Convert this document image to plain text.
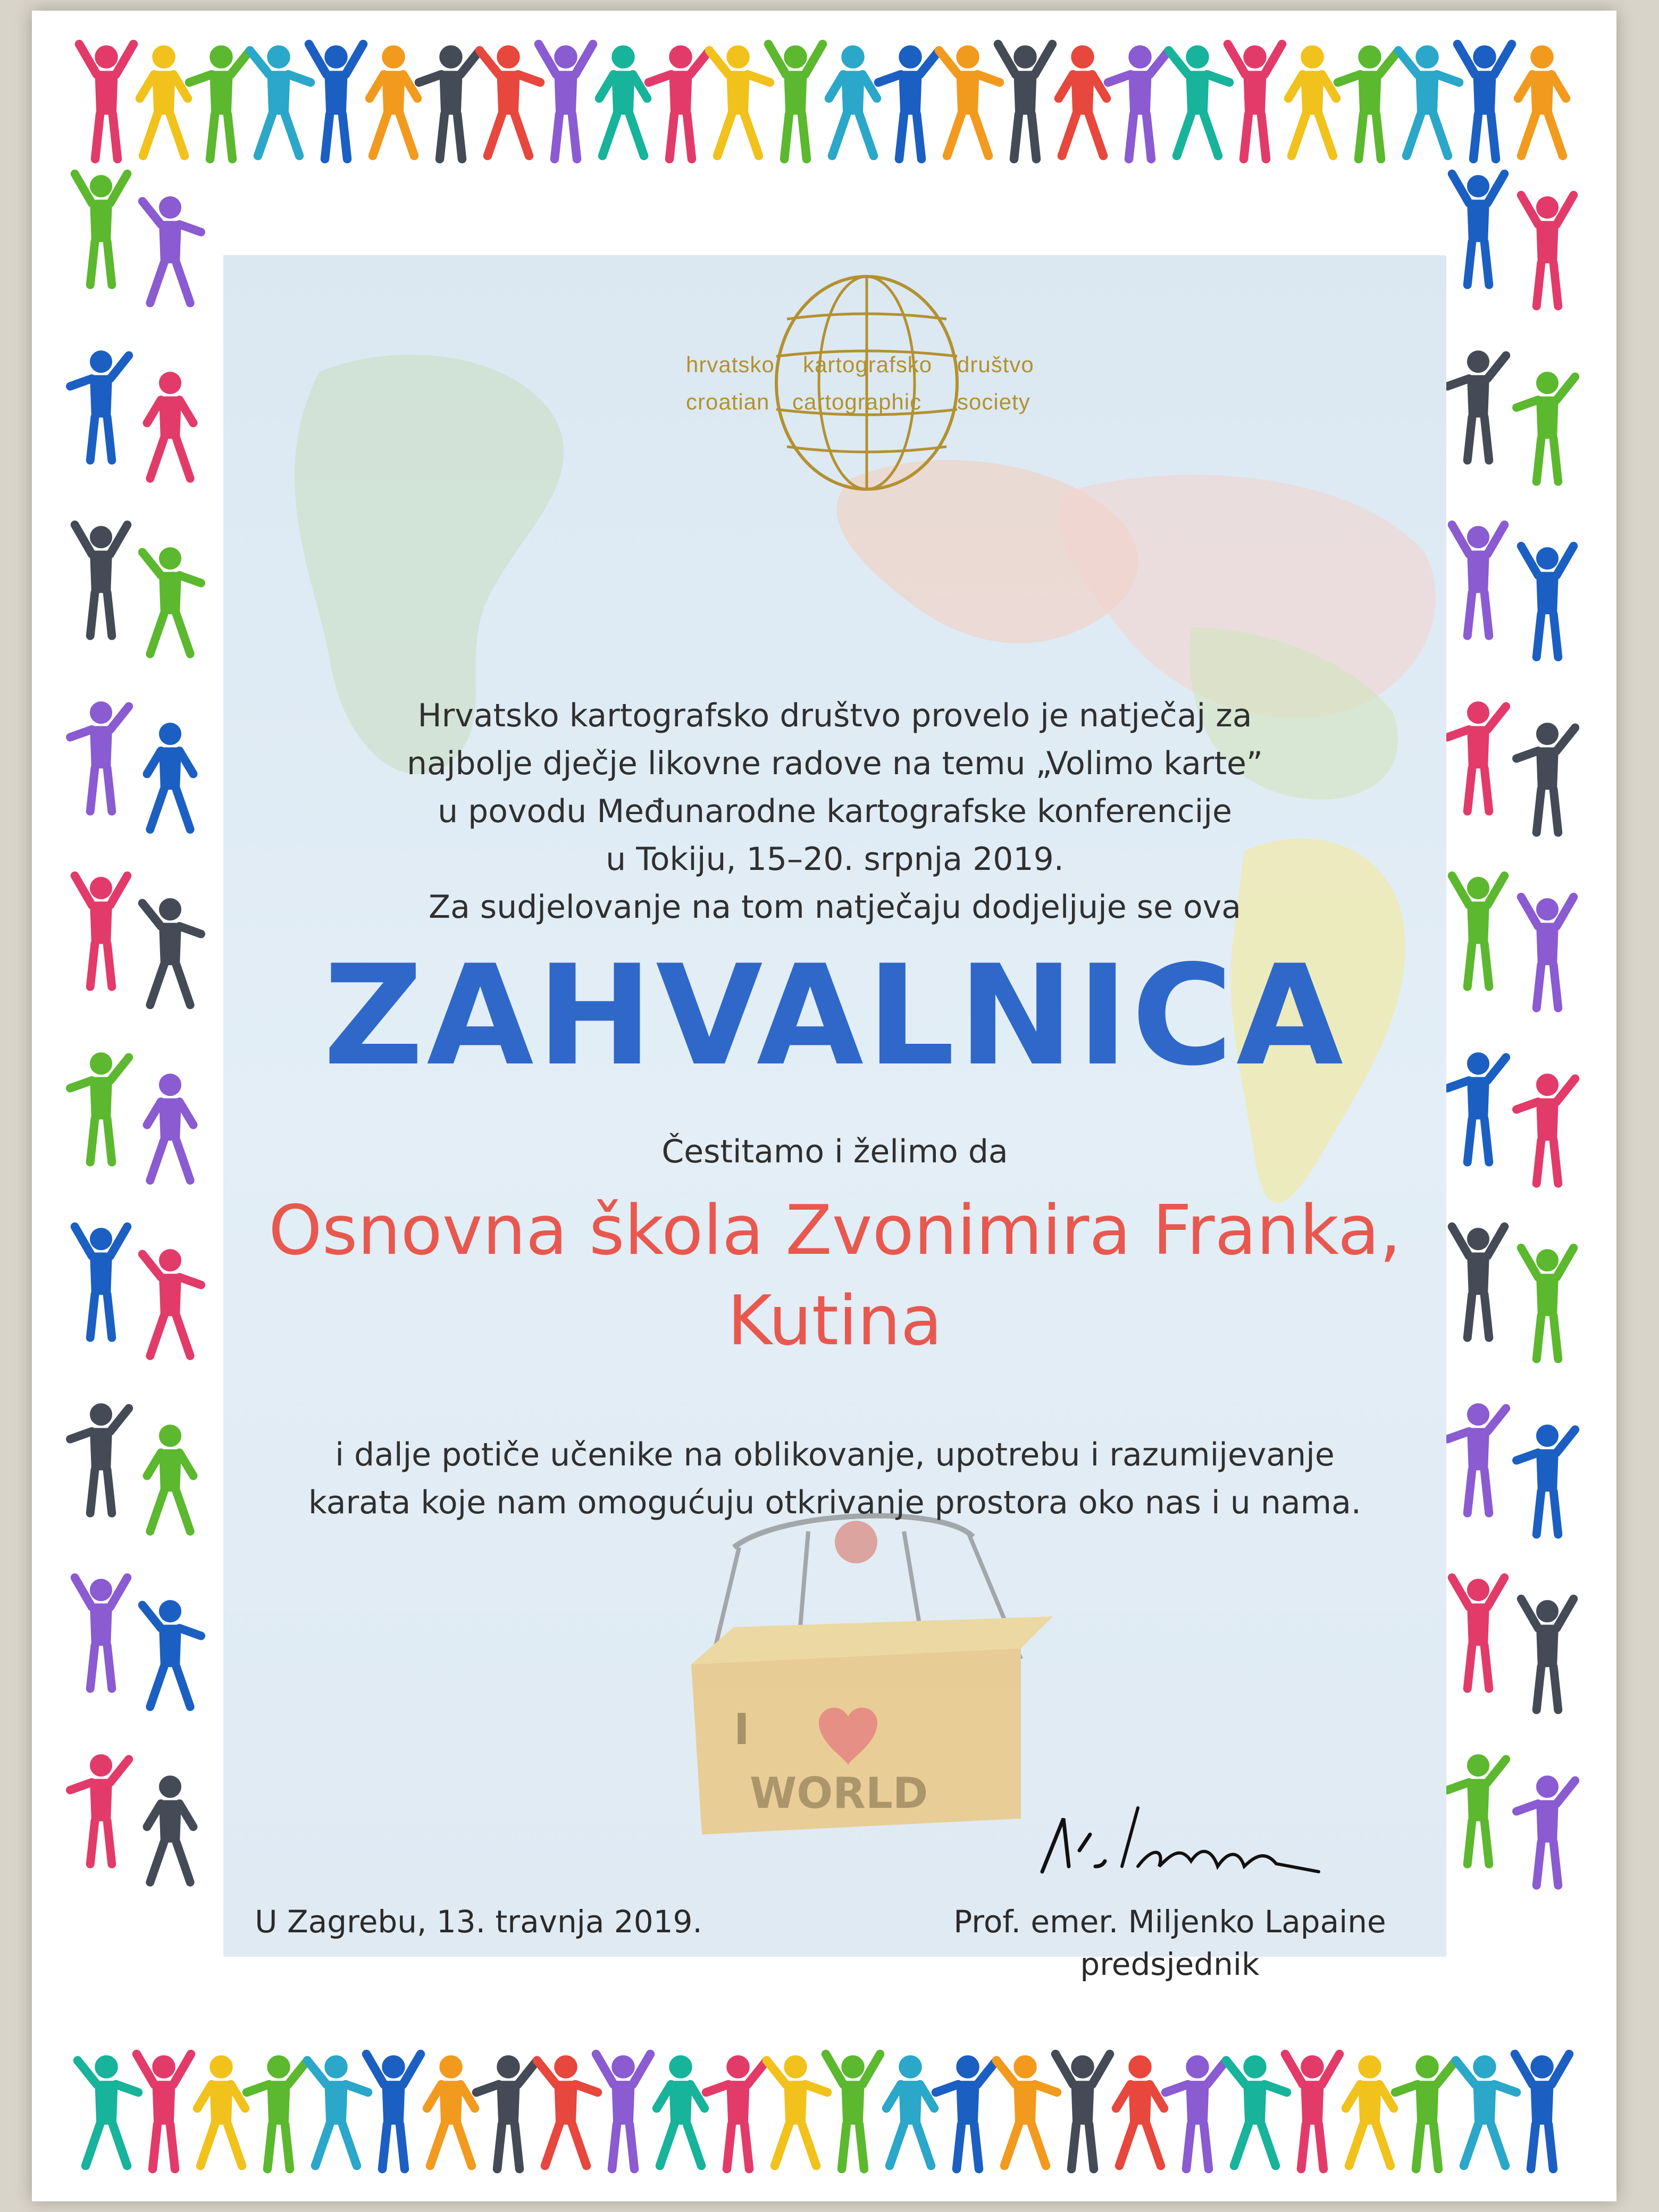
I
WORLD
hrvatsko kartografsko društvo
croatian cartographic society
Hrvatsko kartografsko društvo provelo je natječaj za
najbolje dječje likovne radove na temu „Volimo karte”
u povodu Međunarodne kartografske konferencije
u Tokiju, 15–20. srpnja 2019.
Za sudjelovanje na tom natječaju dodjeljuje se ova
ZAHVALNICA
Čestitamo i želimo da
Osnovna škola Zvonimira Franka,
Kutina
i dalje potiče učenike na oblikovanje, upotrebu i razumijevanje
karata koje nam omogućuju otkrivanje prostora oko nas i u nama.
U Zagrebu, 13. travnja 2019.	Prof. emer. Miljenko Lapaine
predsjednik
